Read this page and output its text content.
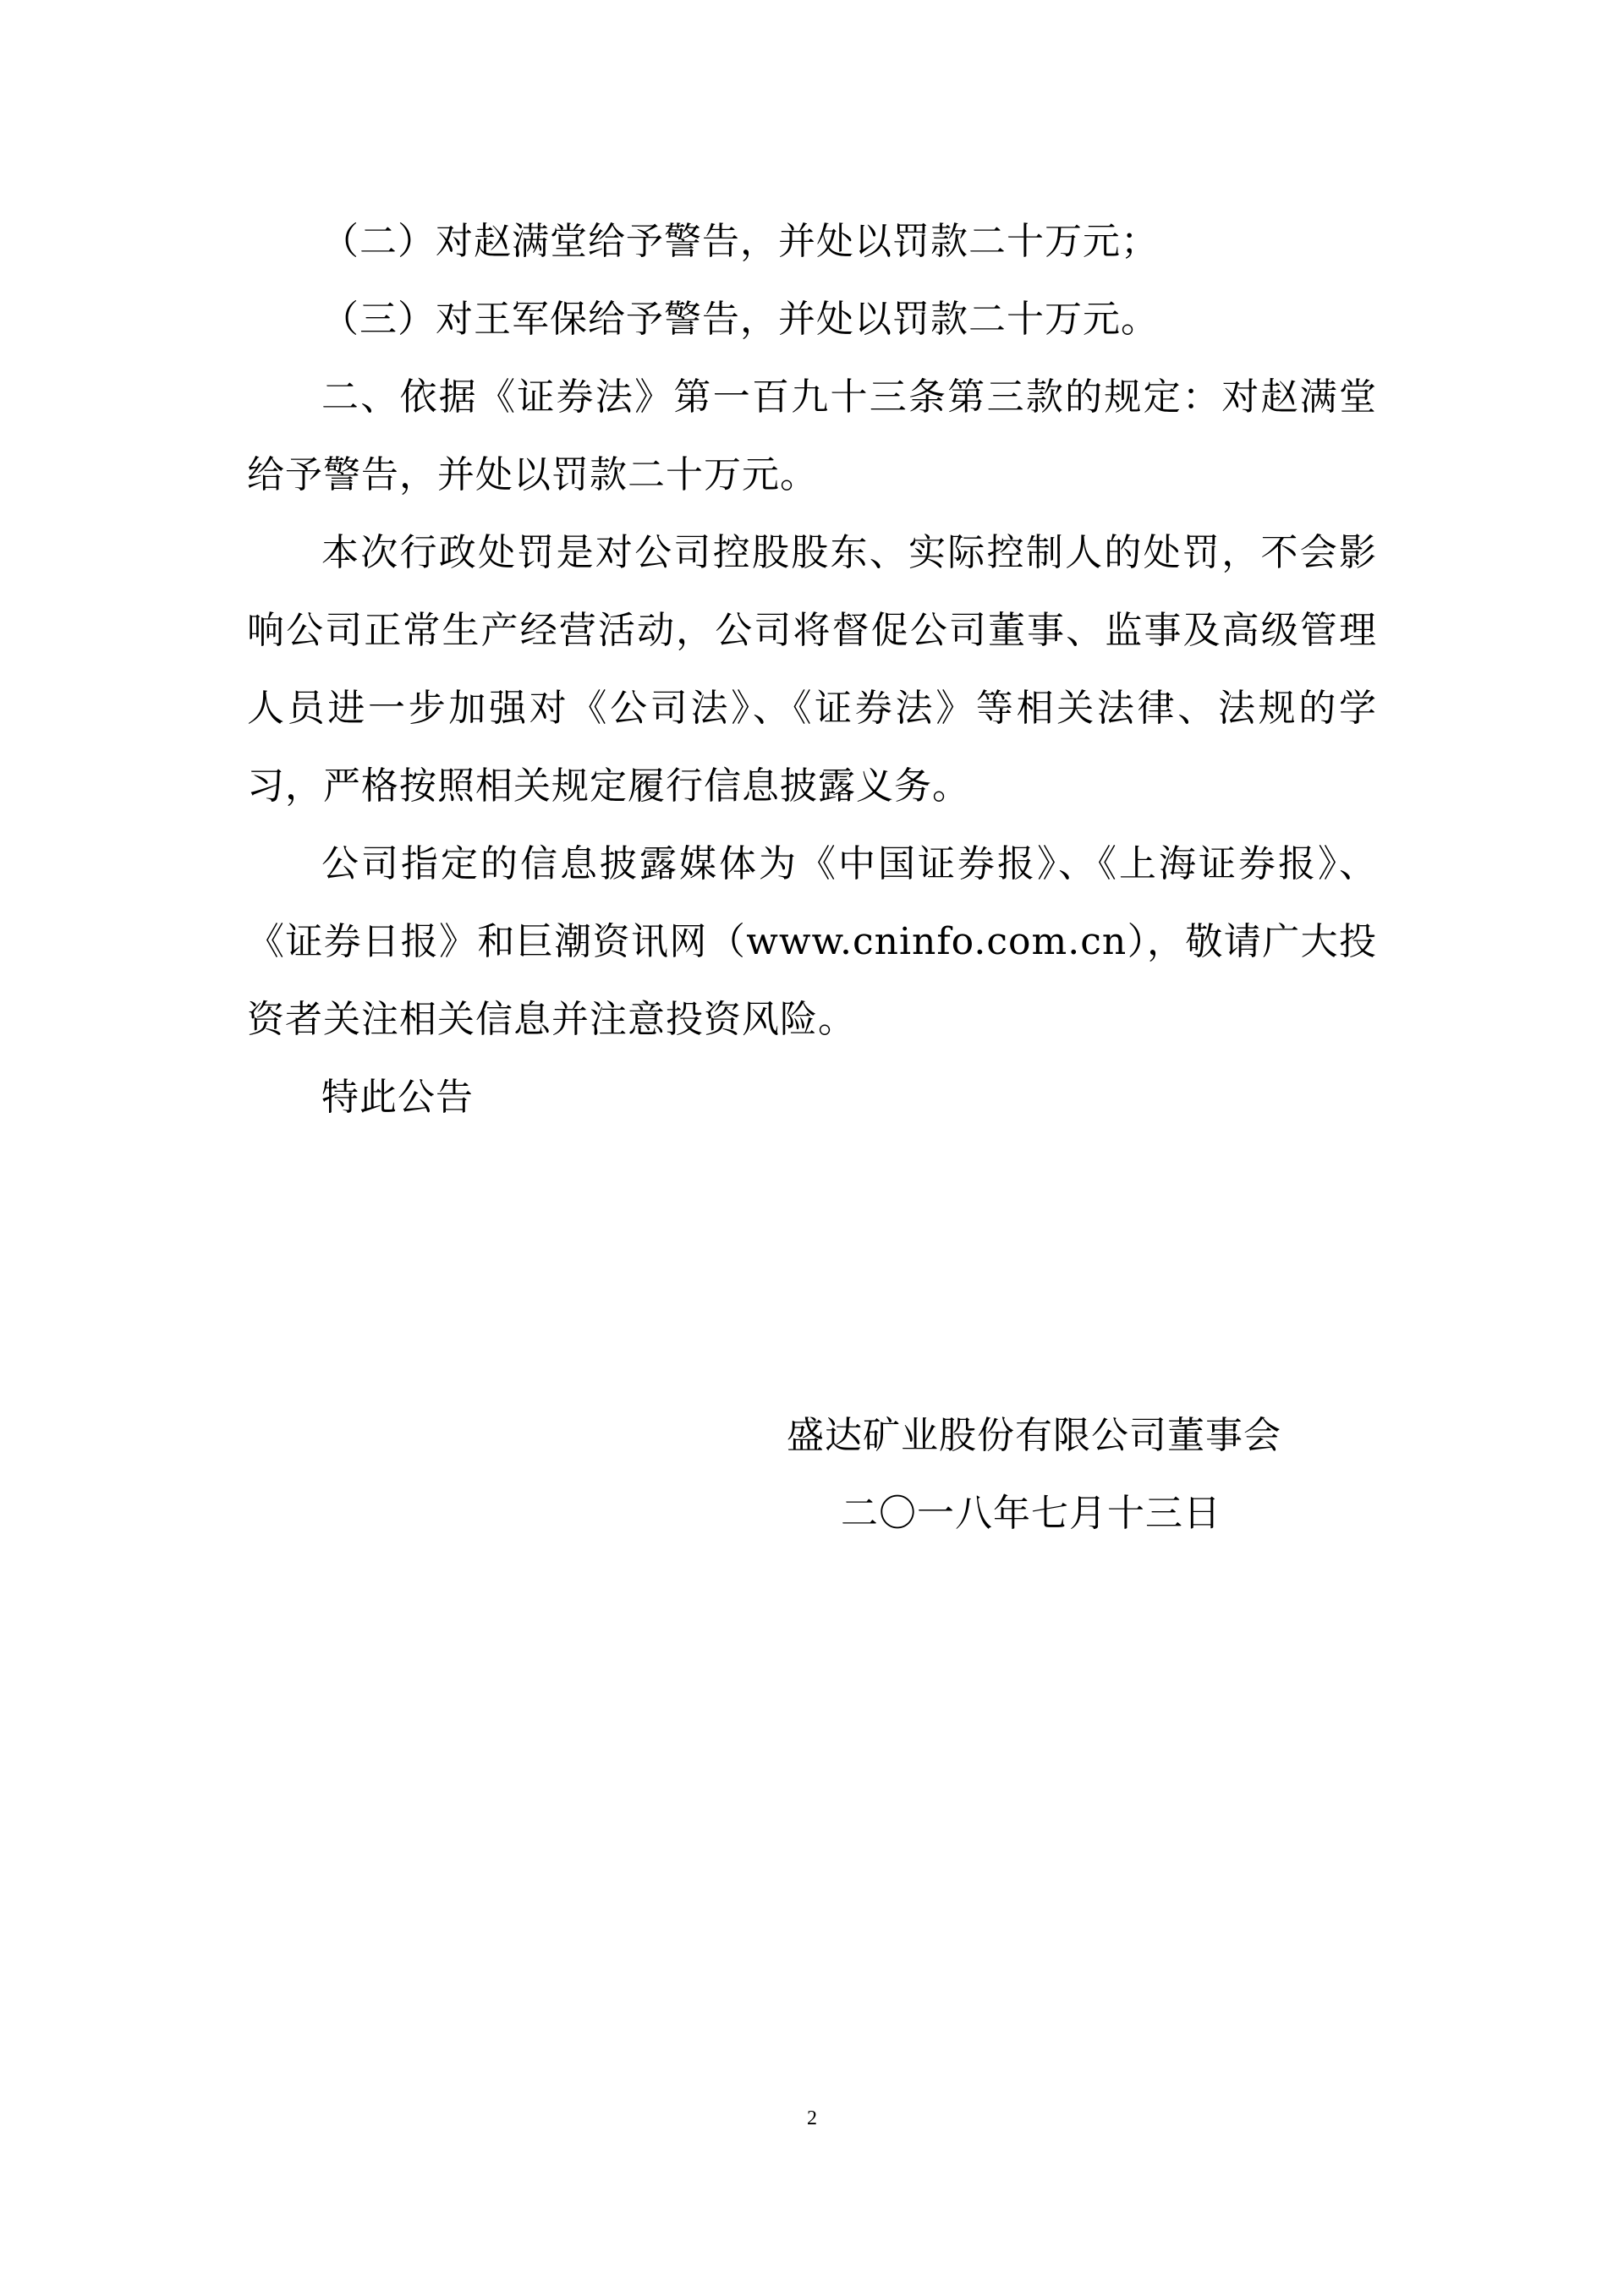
（二）对赵满堂给予警告，并处以罚款二十万元；

（三）对王军保给予警告，并处以罚款二十万元。

二、依据《证券法》第一百九十三条第三款的规定：对赵满堂给予警告，并处以罚款二十万元。

本次行政处罚是对公司控股股东、实际控制人的处罚，不会影响公司正常生产经营活动，公司将督促公司董事、监事及高级管理人员进一步加强对《公司法》、《证券法》等相关法律、法规的学习，严格按照相关规定履行信息披露义务。

公司指定的信息披露媒体为《中国证券报》、《上海证券报》、《证券日报》和巨潮资讯网（www.cninfo.com.cn），敬请广大投资者关注相关信息并注意投资风险。

特此公告

盛达矿业股份有限公司董事会
二〇一八年七月十三日
2
